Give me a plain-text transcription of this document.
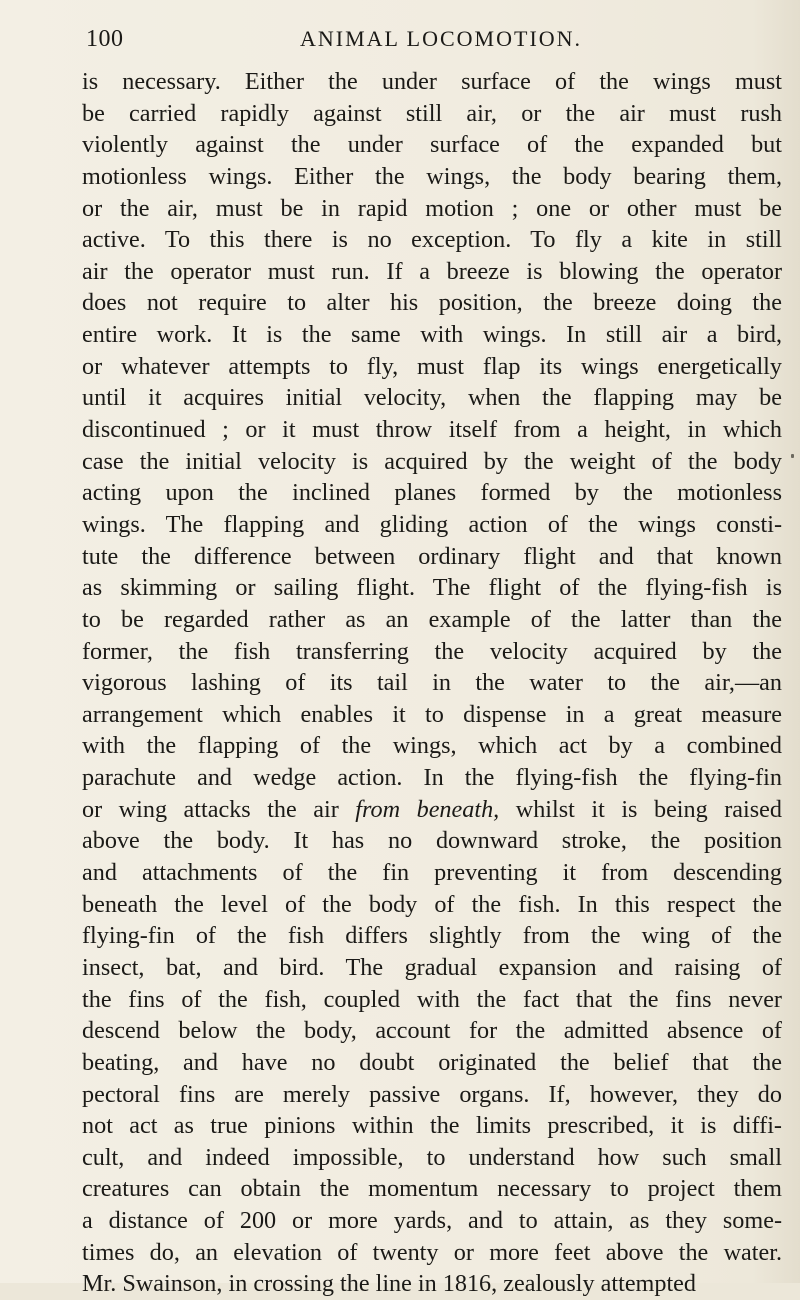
100	ANIMAL LOCOMOTION.
is necessary. Either the under surface of the wings must
be carried rapidly against still air, or the air must rush
violently against the under surface of the expanded but
motionless wings. Either the wings, the body bearing them,
or the air, must be in rapid motion ; one or other must be
active. To this there is no exception. To fly a kite in still
air the operator must run. If a breeze is blowing the operator
does not require to alter his position, the breeze doing the
entire work. It is the same with wings. In still air a bird,
or whatever attempts to fly, must flap its wings energetically
until it acquires initial velocity, when the flapping may be
discontinued ; or it must throw itself from a height, in which
case the initial velocity is acquired by the weight of the body
acting upon the inclined planes formed by the motionless
wings. The flapping and gliding action of the wings consti-
tute the difference between ordinary flight and that known
as skimming or sailing flight. The flight of the flying-fish is
to be regarded rather as an example of the latter than the
former, the fish transferring the velocity acquired by the
vigorous lashing of its tail in the water to the air,—an
arrangement which enables it to dispense in a great measure
with the flapping of the wings, which act by a combined
parachute and wedge action. In the flying-fish the flying-fin
or wing attacks the air from beneath, whilst it is being raised
above the body. It has no downward stroke, the position
and attachments of the fin preventing it from descending
beneath the level of the body of the fish. In this respect the
flying-fin of the fish differs slightly from the wing of the
insect, bat, and bird. The gradual expansion and raising of
the fins of the fish, coupled with the fact that the fins never
descend below the body, account for the admitted absence of
beating, and have no doubt originated the belief that the
pectoral fins are merely passive organs. If, however, they do
not act as true pinions within the limits prescribed, it is diffi-
cult, and indeed impossible, to understand how such small
creatures can obtain the momentum necessary to project them
a distance of 200 or more yards, and to attain, as they some-
times do, an elevation of twenty or more feet above the water.
Mr. Swainson, in crossing the line in 1816, zealously attempted
